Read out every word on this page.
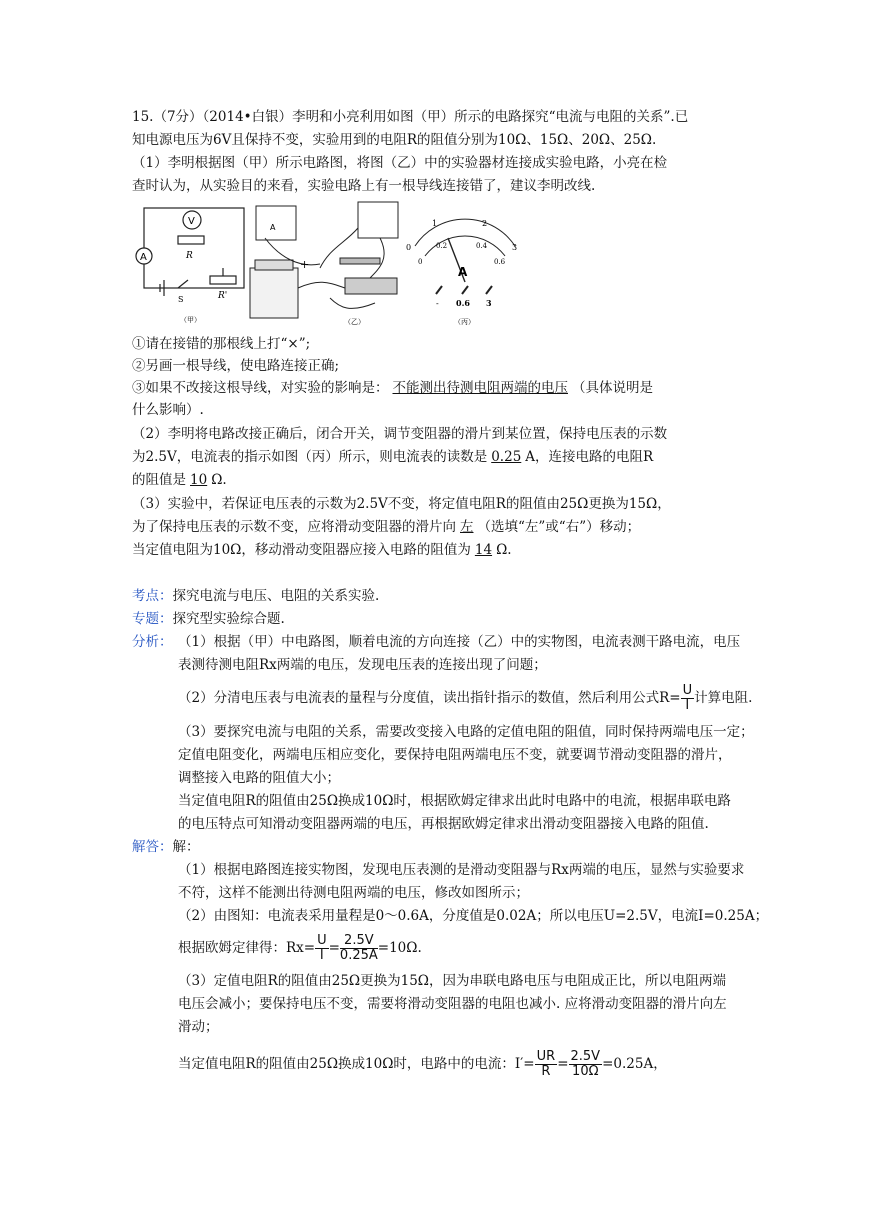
15.（7分）（2014•白银）李明和小亮利用如图（甲）所示的电路探究“电流与电阻的关系”.已
知电源电压为6V且保持不变，实验用到的电阻R的阻值分别为10Ω、15Ω、20Ω、25Ω.
（1）李明根据图（甲）所示电路图，将图（乙）中的实验器材连接成实验电路，小亮在检
查时认为，从实验目的来看，实验电路上有一根导线连接错了，建议李明改线.
V
A	R
S	R'
（甲）
A
+
（乙）
0
1	2
3
0
0.2	0.4
0.6
A
- 0.6 3
（丙）
①请在接错的那根线上打“×”;
②另画一根导线，使电路连接正确;
③如果不改接这根导线，对实验的影响是： 不能测出待测电阻两端的电压 （具体说明是
什么影响）.
（2）李明将电路改接正确后，闭合开关，调节变阻器的滑片到某位置，保持电压表的示数
为2.5V，电流表的指示如图（丙）所示，则电流表的读数是 0.25 A，连接电路的电阻R
的阻值是 10 Ω.
（3）实验中，若保证电压表的示数为2.5V不变，将定值电阻R的阻值由25Ω更换为15Ω，
为了保持电压表的示数不变，应将滑动变阻器的滑片向 左 （选填“左”或“右”）移动；
当定值电阻为10Ω，移动滑动变阻器应接入电路的阻值为 14 Ω.
考点：探究电流与电压、电阻的关系实验.
专题：探究型实验综合题.
分析： （1）根据（甲）中电路图，顺着电流的方向连接（乙）中的实物图，电流表测干路电流，电压
表测待测电阻Rx两端的电压，发现电压表的连接出现了问题；
（2）分清电压表与电流表的量程与分度值，读出指针指示的数值，然后利用公式$R= \frac{U}{I}$ 计算电阻.
（3）要探究电流与电阻的关系，需要改变接入电路的定值电阻的阻值，同时保持两端电压一定；
定值电阻变化，两端电压相应变化，要保持电阻两端电压不变，就要调节滑动变阻器的滑片，
调整接入电路的阻值大小；
当定值电阻R的阻值由25Ω换成10Ω时，根据欧姆定律求出此时电路中的电流，根据串联电路
的电压特点可知滑动变阻器两端的电压，再根据欧姆定律求出滑动变阻器接入电路的阻值.
解答：解：
（1）根据电路图连接实物图，发现电压表测的是滑动变阻器与Rx两端的电压，显然与实验要求
不符，这样不能测出待测电阻两端的电压，修改如图所示；
（2）由图知：电流表采用量程是0～0.6A，分度值是0.02A；所以电压U=2.5V，电流I=0.25A；
根据欧姆定律得：$Rx= \frac{U}{I} = \frac{2.5V}{0.25A} =10\Omega$.
（3）定值电阻R的阻值由25Ω更换为15Ω，因为串联电路电压与电阻成正比，所以电阻两端
电压会减小；要保持电压不变，需要将滑动变阻器的电阻也减小. 应将滑动变阻器的滑片向左
滑动；
当定值电阻R的阻值由25Ω换成10Ω时，电路中的电流：$I'= \frac{UR}{R} = \frac{2.5V}{10\Omega} =0.25A$，
